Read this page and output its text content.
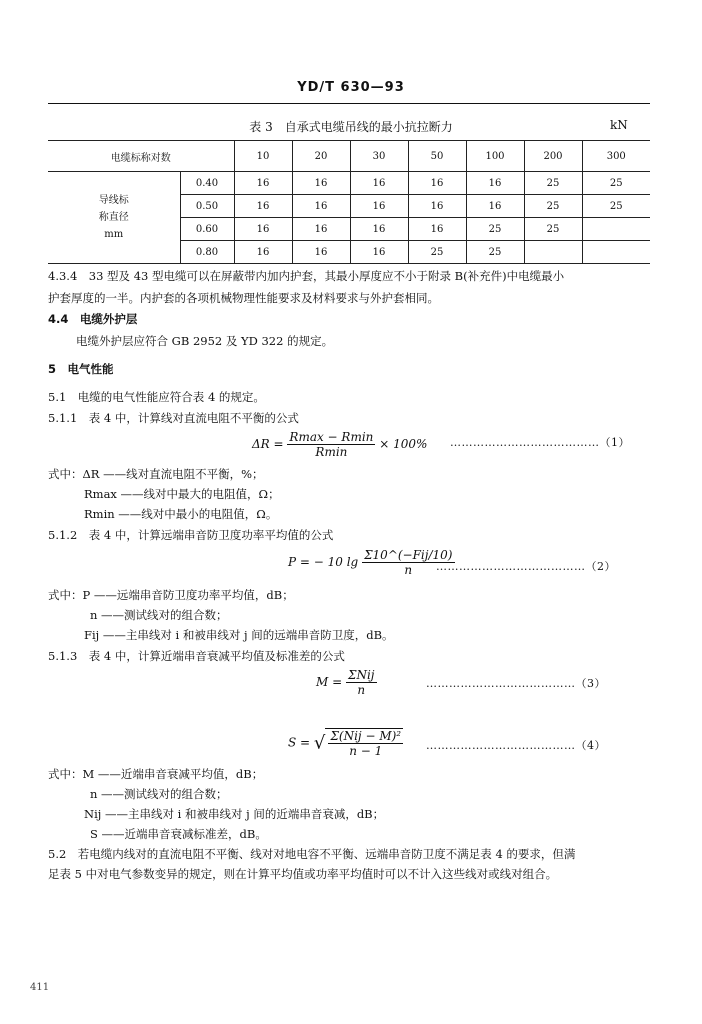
YD/T 630—93
表 3　自承式电缆吊线的最小抗拉断力	kN
电缆标称对数		10	20	30	50	100	200	300

导线标
称直径
mm	0.40	16	16	16	16	16	25	25
	0.50	16	16	16	16	16	25	25
	0.60	16	16	16	16	25	25	
	0.80	16	16	16	25	25		
4.3.4　33 型及 43 型电缆可以在屏蔽带内加内护套，其最小厚度应不小于附录 B(补充件)中电缆最小
护套厚度的一半。内护套的各项机械物理性能要求及材料要求与外护套相同。
4.4　电缆外护层
电缆外护层应符合 GB 2952 及 YD 322 的规定。
5　电气性能
5.1　电缆的电气性能应符合表 4 的规定。
5.1.1　表 4 中，计算线对直流电阻不平衡的公式
$\Delta R = \frac{Rmax - Rmin}{Rmin} \times 100\%$ …………………………………（1）
式中：ΔR ——线对直流电阻不平衡，%；
Rmax ——线对中最大的电阻值，Ω；
Rmin ——线对中最小的电阻值，Ω。
5.1.2　表 4 中，计算远端串音防卫度功率平均值的公式
P = − 10 $\lg \frac{\text{Σ10\textasciicircum{}(−Fij/10)}}{n}$
…………………………………（2）
式中：P ——远端串音防卫度功率平均值，dB；
n ——测试线对的组合数；
Fij ——主串线对 i 和被串线对 j 间的远端串音防卫度，dB。
5.1.3　表 4 中，计算近端串音衰减平均值及标准差的公式
$M = \frac{\text{ΣNij}}{n}$	…………………………………（3）
S = √ $\frac{\text{Σ(Nij − M)²}}{n - 1}$ …………………………………（4）
式中：M ——近端串音衰减平均值，dB；
n ——测试线对的组合数；
Nij ——主串线对 i 和被串线对 j 间的近端串音衰减，dB；
S ——近端串音衰减标准差，dB。
5.2　若电缆内线对的直流电阻不平衡、线对对地电容不平衡、远端串音防卫度不满足表 4 的要求，但满
足表 5 中对电气参数变异的规定，则在计算平均值或功率平均值时可以不计入这些线对或线对组合。
411
